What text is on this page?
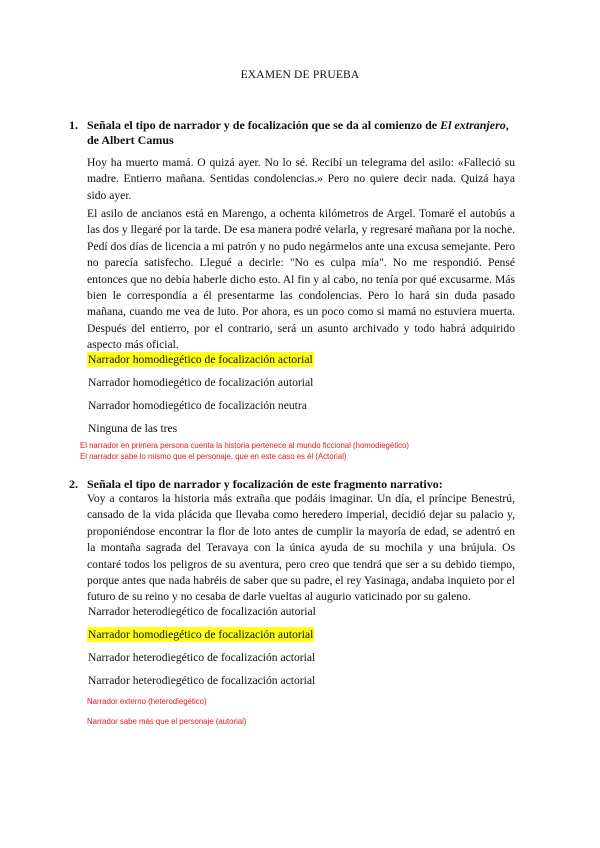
EXAMEN DE PRUEBA
1. Señala el tipo de narrador y de focalización que se da al comienzo de El extranjero, de Albert Camus

Hoy ha muerto mamá. O quizá ayer. No lo sé. Recibí un telegrama del asilo: «Falleció su madre. Entierro mañana. Sentidas condolencias.» Pero no quiere decir nada. Quizá haya sido ayer.

El asilo de ancianos está en Marengo, a ochenta kilómetros de Argel. Tomaré el autobús a las dos y llegaré por la tarde. De esa manera podré velarla, y regresaré mañana por la noche. Pedí dos días de licencia a mi patrón y no pudo negármelos ante una excusa semejante. Pero no parecía satisfecho. Llegué a decirle: "No es culpa mía". No me respondió. Pensé entonces que no debía haberle dicho esto. Al fin y al cabo, no tenía por qué excusarme. Más bien le correspondía a él presentarme las condolencias. Pero lo hará sin duda pasado mañana, cuando me vea de luto. Por ahora, es un poco como si mamá no estuviera muerta. Después del entierro, por el contrario, será un asunto archivado y todo habrá adquirido aspecto más oficial.

Narrador homodiegético de focalización actorial
Narrador homodiegético de focalización autorial
Narrador homodiegético de focalización neutra
Ninguna de las tres
El narrador en primera persona cuenta la historia pertenece al mundo ficcional (homodiegético)
El narrador sabe lo mismo que el personaje, que en este caso es él (Actorial)
2. Señala el tipo de narrador y focalización de este fragmento narrativo:

Voy a contaros la historia más extraña que podáis imaginar. Un día, el príncipe Benestrú, cansado de la vida plácida que llevaba como heredero imperial, decidió dejar su palacio y, proponiéndose encontrar la flor de loto antes de cumplir la mayoría de edad, se adentró en la montaña sagrada del Teravaya con la única ayuda de su mochila y una brújula. Os contaré todos los peligros de su aventura, pero creo que tendrá que ser a su debido tiempo, porque antes que nada habréis de saber que su padre, el rey Yasinaga, andaba inquieto por el futuro de su reino y no cesaba de darle vueltas al augurio vaticinado por su galeno.

Narrador heterodiegético de focalización autorial
Narrador homodiegético de focalización autorial
Narrador heterodiegético de focalización actorial
Narrador heterodiegético de focalización actorial
Narrador externo (heterodiegético)
Narrador sabe más que el personaje (autorial)
